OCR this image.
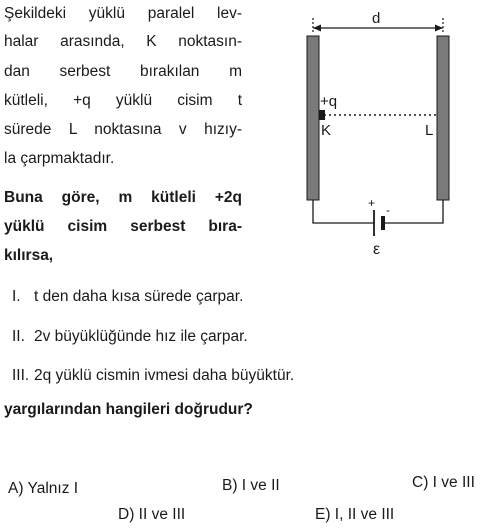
Şekildeki yüklü paralel lev-
halar arasında, K noktasın-
dan serbest bırakılan m
kütleli, +q yüklü cisim t
sürede L noktasına v hızıy-
la çarpmaktadır.
Buna göre, m kütleli +2q
yüklü cisim serbest bıra-
kılırsa,
I. t den daha kısa sürede çarpar.
II. 2v büyüklüğünde hız ile çarpar.
III. 2q yüklü cismin ivmesi daha büyüktür.
yargılarından hangileri doğrudur?
A) Yalnız I	B) I ve II	C) I ve III
D) II ve III	E) I, II ve III
d
+q
K	L
+ -
ε
